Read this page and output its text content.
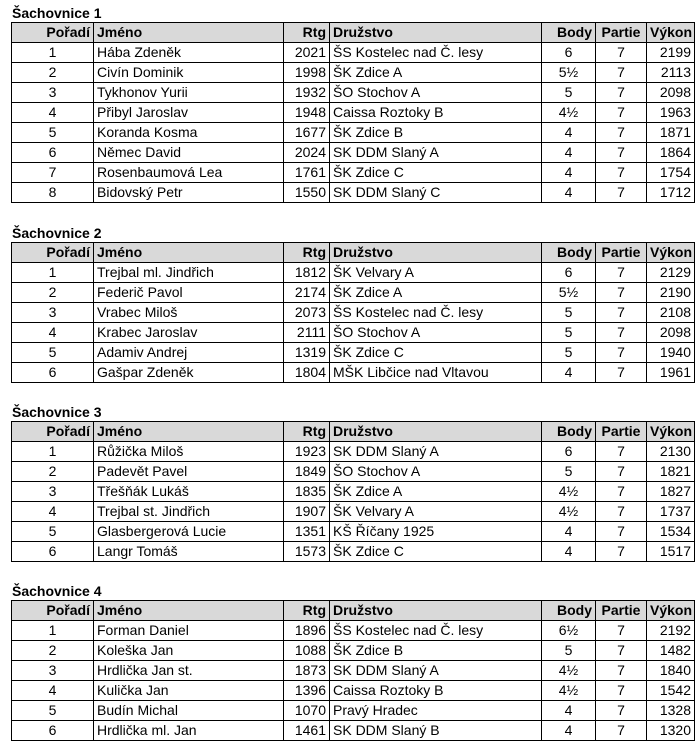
Šachovnice 1
Pořadí	Jméno	Rtg	Družstvo	Body	Partie	Výkon
1	Hába Zdeněk	2021	ŠS Kostelec nad Č. lesy	6	7	2199
2	Civín Dominik	1998	ŠK Zdice A	5½	7	2113
3	Tykhonov Yurii	1932	ŠO Stochov A	5	7	2098
4	Přibyl Jaroslav	1948	Caissa Roztoky B	4½	7	1963
5	Koranda Kosma	1677	ŠK Zdice B	4	7	1871
6	Němec David	2024	SK DDM Slaný A	4	7	1864
7	Rosenbaumová Lea	1761	ŠK Zdice C	4	7	1754
8	Bidovský Petr	1550	SK DDM Slaný C	4	7	1712
Šachovnice 2
Pořadí	Jméno	Rtg	Družstvo	Body	Partie	Výkon
1	Trejbal ml. Jindřich	1812	ŠK Velvary A	6	7	2129
2	Federič Pavol	2174	ŠK Zdice A	5½	7	2190
3	Vrabec Miloš	2073	ŠS Kostelec nad Č. lesy	5	7	2108
4	Krabec Jaroslav	2111	ŠO Stochov A	5	7	2098
5	Adamiv Andrej	1319	ŠK Zdice C	5	7	1940
6	Gašpar Zdeněk	1804	MŠK Libčice nad Vltavou	4	7	1961
Šachovnice 3
Pořadí	Jméno	Rtg	Družstvo	Body	Partie	Výkon
1	Růžička Miloš	1923	SK DDM Slaný A	6	7	2130
2	Padevět Pavel	1849	ŠO Stochov A	5	7	1821
3	Třešňák Lukáš	1835	ŠK Zdice A	4½	7	1827
4	Trejbal st. Jindřich	1907	ŠK Velvary A	4½	7	1737
5	Glasbergerová Lucie	1351	KŠ Říčany 1925	4	7	1534
6	Langr Tomáš	1573	ŠK Zdice C	4	7	1517
Šachovnice 4
Pořadí	Jméno	Rtg	Družstvo	Body	Partie	Výkon
1	Forman Daniel	1896	ŠS Kostelec nad Č. lesy	6½	7	2192
2	Koleška Jan	1088	ŠK Zdice B	5	7	1482
3	Hrdlička Jan st.	1873	SK DDM Slaný A	4½	7	1840
4	Kulička Jan	1396	Caissa Roztoky B	4½	7	1542
5	Budín Michal	1070	Pravý Hradec	4	7	1328
6	Hrdlička ml. Jan	1461	SK DDM Slaný B	4	7	1320
